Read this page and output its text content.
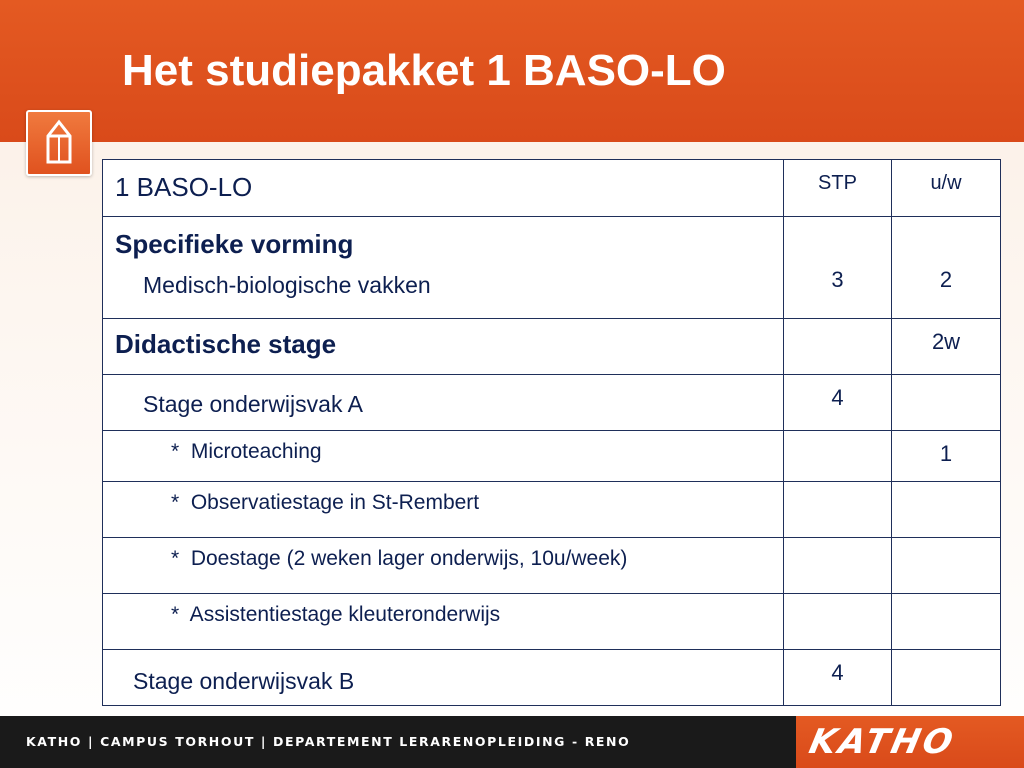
Het studiepakket 1 BASO-LO
1 BASO-LO	STP	u/w

Specifieke vorming
Medisch-biologische vakken	3	2

Didactische stage		2w

Stage onderwijsvak A	4	

*  Microteaching		1

*  Observatiestage in St-Rembert		

*  Doestage (2 weken lager onderwijs, 10u/week)		

*  Assistentiestage kleuteronderwijs		

Stage onderwijsvak B	4	

KATHO | CAMPUS TORHOUT | DEPARTEMENT LERARENOPLEIDING - RENO	KATHO
